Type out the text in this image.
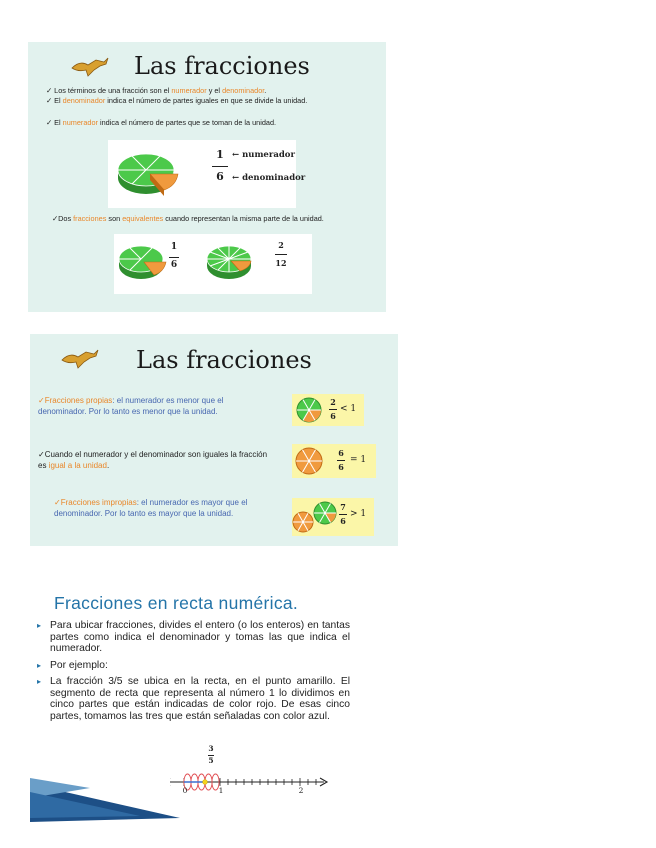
Las fracciones
✓ Los términos de una fracción son el numerador y el denominador.
✓ El denominador indica el número de partes iguales en que se divide la unidad.
✓ El numerador indica el número de partes que se toman de la unidad.
1
6
← numerador
← denominador
✓Dos fracciones son equivalentes cuando representan la misma parte de la unidad.
1
6
2
12
Las fracciones
✓Fracciones propias: el numerador es menor que el denominador. Por lo tanto es menor que la unidad.
2
6
< 1
✓Cuando el numerador y el denominador son iguales la fracción es igual a la unidad.
6
6
= 1
✓Fracciones impropias: el numerador es mayor que el denominador. Por lo tanto es mayor que la unidad.
7
6
> 1
Fracciones en recta numérica.
▸ Para ubicar fracciones, divides el entero (o los enteros) en tantas partes como indica el denominador y tomas las que indica el numerador.
▸ Por ejemplo:
▸ La fracción 3/5 se ubica en la recta, en el punto amarillo. El segmento de recta que representa al número 1 lo dividimos en cinco partes que están indicadas de color rojo. De esas cinco partes, tomamos las tres que están señaladas con color azul.
3
5
0	1	2
